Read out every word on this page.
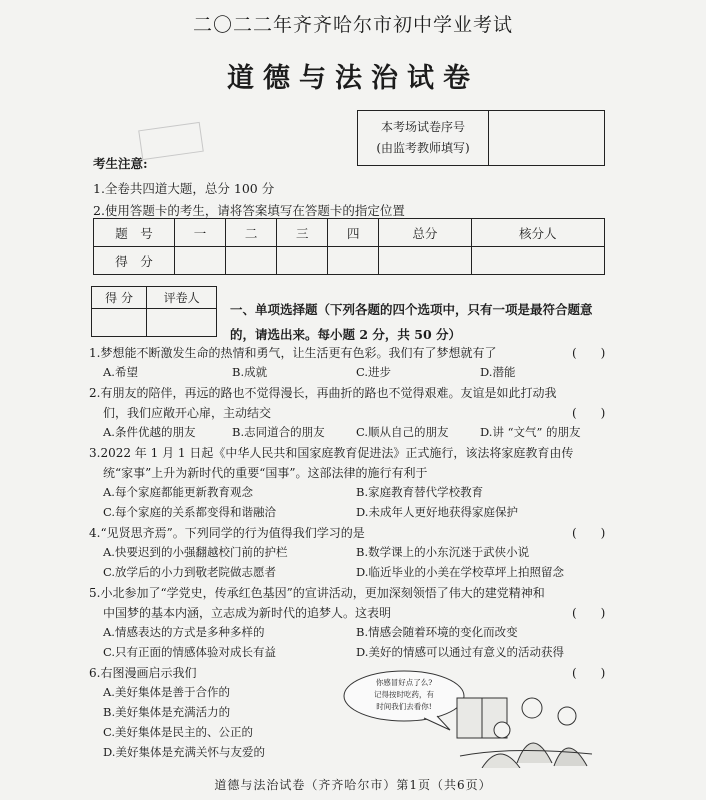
二〇二二年齐齐哈尔市初中学业考试
道德与法治试卷
本考场试卷序号
(由监考教师填写)
考生注意:
1.全卷共四道大题，总分 100 分
2.使用答题卡的考生，请将答案填写在答题卡的指定位置
题　号	一	二	三	四	总分	核分人
得　分						
得 分	评卷人

一、单项选择题（下列各题的四个选项中，只有一项是最符合题意
的，请选出来。每小题 2 分，共 50 分）
1.梦想能不断激发生命的热情和勇气，让生活更有色彩。我们有了梦想就有了	(　　)
A.希望	B.成就	C.进步	D.潜能
2.有朋友的陪伴，再远的路也不觉得漫长，再曲折的路也不觉得艰难。友谊是如此打动我
们，我们应敞开心扉，主动结交	(　　)
A.条件优越的朋友	B.志同道合的朋友	C.顺从自己的朋友	D.讲 “文气” 的朋友
3.2022 年 1 月 1 日起《中华人民共和国家庭教育促进法》正式施行，该法将家庭教育由传
统“家事”上升为新时代的重要“国事”。这部法律的施行有利于
A.每个家庭都能更新教育观念	B.家庭教育替代学校教育
C.每个家庭的关系都变得和谐融洽	D.未成年人更好地获得家庭保护
4.“见贤思齐焉”。下列同学的行为值得我们学习的是	(　　)
A.快要迟到的小强翻越校门前的护栏	B.数学课上的小东沉迷于武侠小说
C.放学后的小力到敬老院做志愿者	D.临近毕业的小美在学校草坪上拍照留念
5.小北参加了“学党史，传承红色基因”的宣讲活动，更加深刻领悟了伟大的建党精神和
中国梦的基本内涵，立志成为新时代的追梦人。这表明	(　　)
A.情感表达的方式是多种多样的	B.情感会随着环境的变化而改变
C.只有正面的情感体验对成长有益	D.美好的情感可以通过有意义的活动获得
6.右图漫画启示我们	(　　)
A.美好集体是善于合作的
B.美好集体是充满活力的
C.美好集体是民主的、公正的
D.美好集体是充满关怀与友爱的
你感冒好点了么?
记得按时吃药，有
时间我们去看你!
道德与法治试卷（齐齐哈尔市）第1页（共6页）
